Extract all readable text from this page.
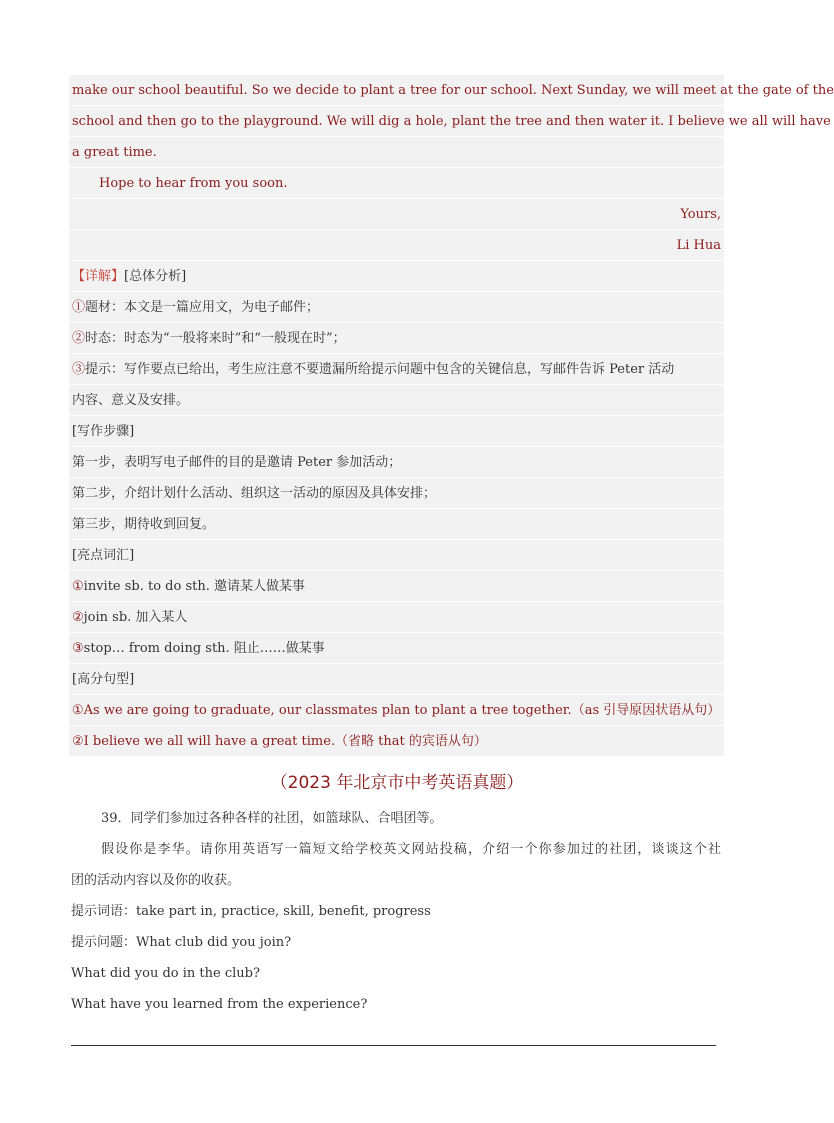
make our school beautiful. So we decide to plant a tree for our school. Next Sunday, we will meet at the gate of the
school and then go to the playground. We will dig a hole, plant the tree and then water it. I believe we all will have
a great time.
Hope to hear from you soon.
Yours,
Li Hua
【详解】[总体分析]
①题材：本文是一篇应用文，为电子邮件；
②时态：时态为“一般将来时”和“一般现在时”；
③提示：写作要点已给出，考生应注意不要遗漏所给提示问题中包含的关键信息，写邮件告诉 Peter 活动
内容、意义及安排。
[写作步骤]
第一步，表明写电子邮件的目的是邀请 Peter 参加活动；
第二步，介绍计划什么活动、组织这一活动的原因及具体安排；
第三步，期待收到回复。
[亮点词汇]
①invite sb. to do sth. 邀请某人做某事
②join sb. 加入某人
③stop… from doing sth. 阻止……做某事
[高分句型]
①As we are going to graduate, our classmates plan to plant a tree together.（as 引导原因状语从句）
②I believe we all will have a great time.（省略 that 的宾语从句）
（2023 年北京市中考英语真题）
39．同学们参加过各种各样的社团，如篮球队、合唱团等。
假设你是李华。请你用英语写一篇短文给学校英文网站投稿，介绍一个你参加过的社团，谈谈这个社
团的活动内容以及你的收获。
提示词语：take part in, practice, skill, benefit, progress
提示问题：What club did you join?
What did you do in the club?
What have you learned from the experience?
